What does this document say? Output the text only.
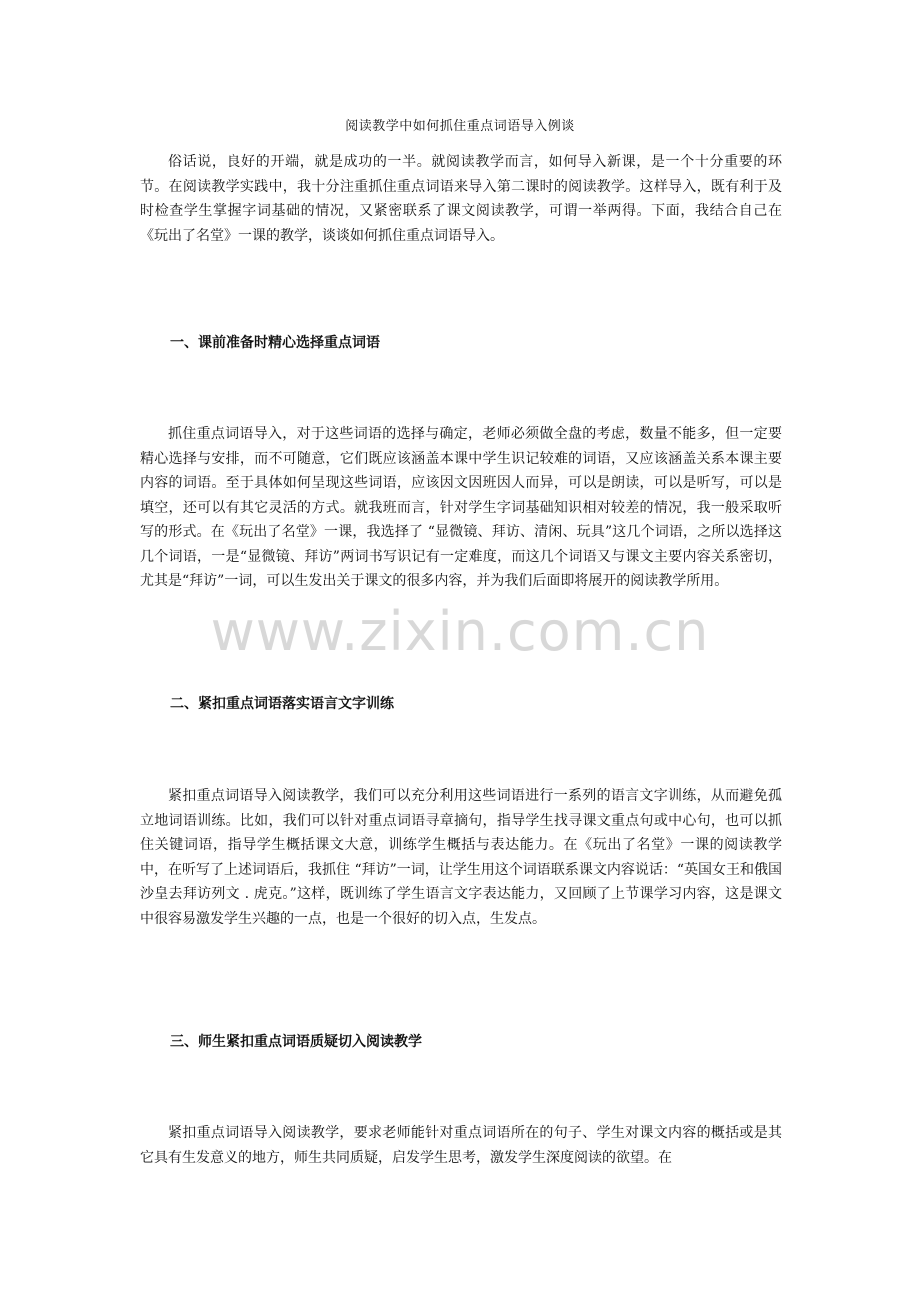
阅读教学中如何抓住重点词语导入例谈

俗话说，良好的开端，就是成功的一半。就阅读教学而言，如何导入新课，是一个十分重要的环节。在阅读教学实践中，我十分注重抓住重点词语来导入第二课时的阅读教学。这样导入，既有利于及时检查学生掌握字词基础的情况，又紧密联系了课文阅读教学，可谓一举两得。下面，我结合自己在《玩出了名堂》一课的教学，谈谈如何抓住重点词语导入。

一、课前准备时精心选择重点词语

抓住重点词语导入，对于这些词语的选择与确定，老师必须做全盘的考虑，数量不能多，但一定要精心选择与安排，而不可随意，它们既应该涵盖本课中学生识记较难的词语，又应该涵盖关系本课主要内容的词语。至于具体如何呈现这些词语，应该因文因班因人而异，可以是朗读，可以是听写，可以是填空，还可以有其它灵活的方式。就我班而言，针对学生字词基础知识相对较差的情况，我一般采取听写的形式。在《玩出了名堂》一课，我选择了 “显微镜、拜访、清闲、玩具”这几个词语，之所以选择这几个词语，一是“显微镜、拜访”两词书写识记有一定难度，而这几个词语又与课文主要内容关系密切，尤其是“拜访”一词，可以生发出关于课文的很多内容，并为我们后面即将展开的阅读教学所用。

二、紧扣重点词语落实语言文字训练

紧扣重点词语导入阅读教学，我们可以充分利用这些词语进行一系列的语言文字训练，从而避免孤立地词语训练。比如，我们可以针对重点词语寻章摘句，指导学生找寻课文重点句或中心句，也可以抓住关键词语，指导学生概括课文大意，训练学生概括与表达能力。在《玩出了名堂》一课的阅读教学中，在听写了上述词语后，我抓住 “拜访”一词，让学生用这个词语联系课文内容说话：“英国女王和俄国沙皇去拜访列文 . 虎克。”这样，既训练了学生语言文字表达能力，又回顾了上节课学习内容，这是课文中很容易激发学生兴趣的一点，也是一个很好的切入点，生发点。

三、师生紧扣重点词语质疑切入阅读教学

紧扣重点词语导入阅读教学，要求老师能针对重点词语所在的句子、学生对课文内容的概括或是其它具有生发意义的地方，师生共同质疑，启发学生思考，激发学生深度阅读的欲望。在

www.zixin.com.cn
